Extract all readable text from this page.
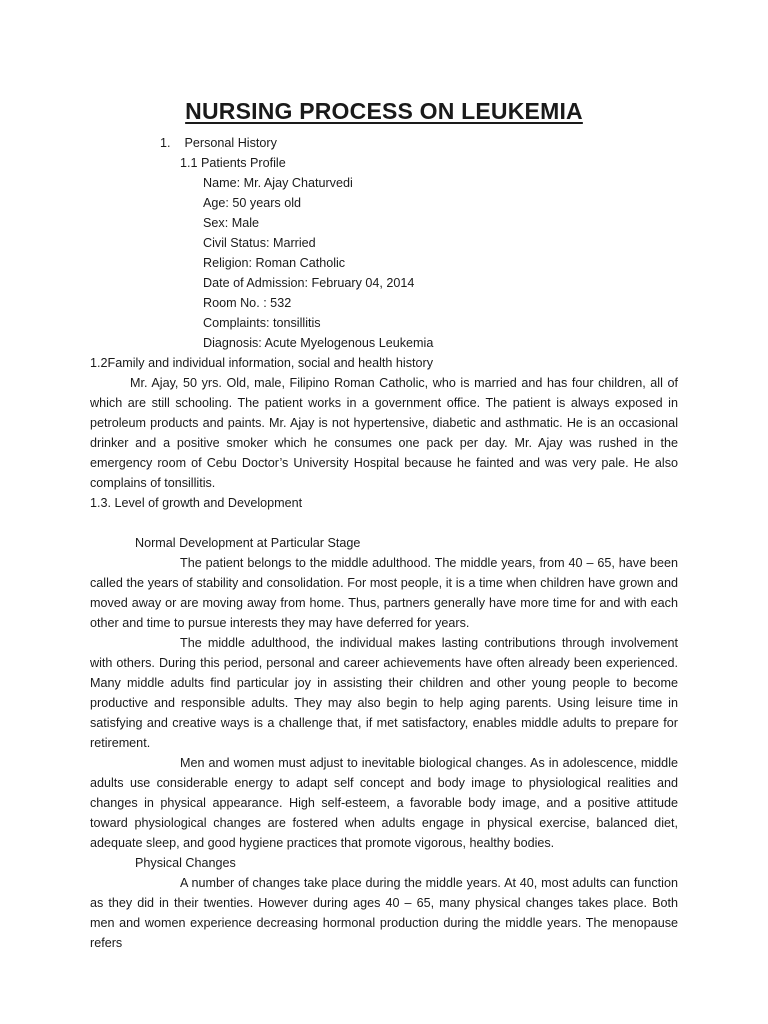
NURSING PROCESS ON LEUKEMIA
1.    Personal History
1.1 Patients Profile
Name: Mr. Ajay Chaturvedi
Age: 50 years old
Sex: Male
Civil Status: Married
Religion: Roman Catholic
Date of Admission: February 04, 2014
Room No. : 532
Complaints: tonsillitis
Diagnosis: Acute Myelogenous Leukemia
1.2Family and individual information, social and health history

Mr. Ajay, 50 yrs. Old, male, Filipino Roman Catholic, who is married and has four children, all of which are still schooling. The patient works in a government office. The patient is always exposed in petroleum products and paints. Mr. Ajay is not hypertensive, diabetic and asthmatic. He is an occasional drinker and a positive smoker which he consumes one pack per day. Mr. Ajay was rushed in the emergency room of Cebu Doctor’s University Hospital because he fainted and was very pale. He also complains of tonsillitis.

1.3. Level of growth and Development
Normal Development at Particular Stage

The patient belongs to the middle adulthood. The middle years, from 40 – 65, have been called the years of stability and consolidation. For most people, it is a time when children have grown and moved away or are moving away from home. Thus, partners generally have more time for and with each other and time to pursue interests they may have deferred for years.

The middle adulthood, the individual makes lasting contributions through involvement with others. During this period, personal and career achievements have often already been experienced. Many middle adults find particular joy in assisting their children and other young people to become productive and responsible adults. They may also begin to help aging parents. Using leisure time in satisfying and creative ways is a challenge that, if met satisfactory, enables middle adults to prepare for retirement.

Men and women must adjust to inevitable biological changes. As in adolescence, middle adults use considerable energy to adapt self concept and body image to physiological realities and changes in physical appearance. High self-esteem, a favorable body image, and a positive attitude toward physiological changes are fostered when adults engage in physical exercise, balanced diet, adequate sleep, and good hygiene practices that promote vigorous, healthy bodies.

Physical Changes

A number of changes take place during the middle years. At 40, most adults can function as they did in their twenties. However during ages 40 – 65, many physical changes takes place. Both men and women experience decreasing hormonal production during the middle years. The menopause refers
